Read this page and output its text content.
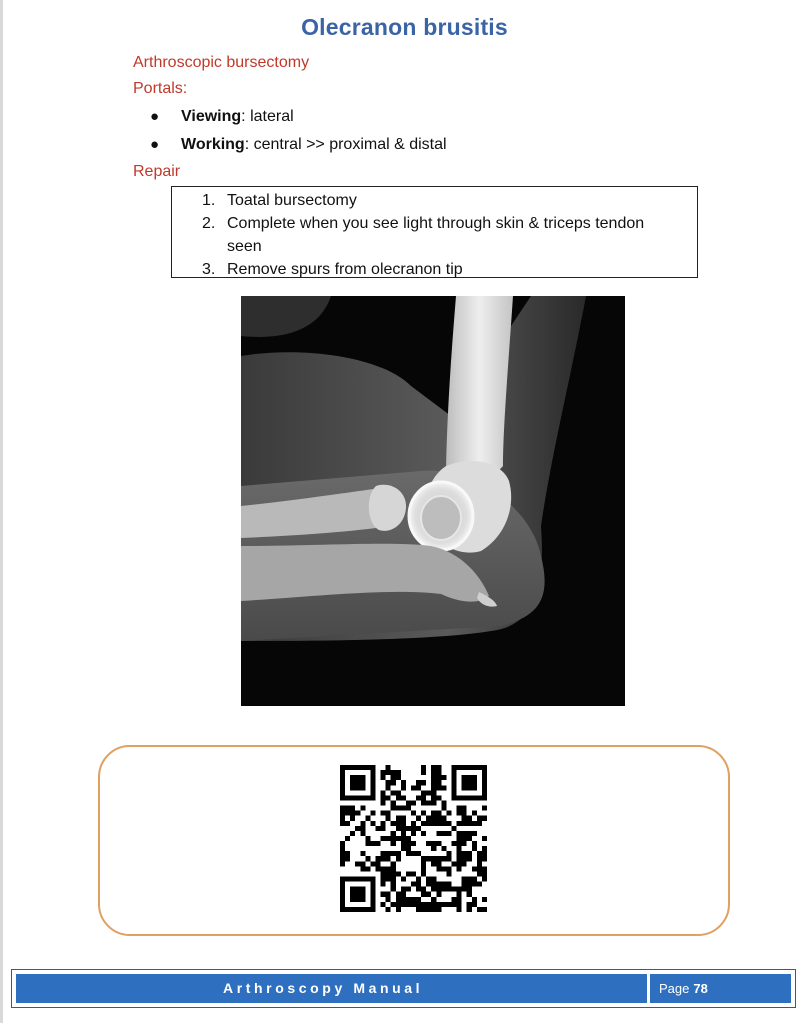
Olecranon brusitis
Arthroscopic bursectomy
Portals:
●	Viewing : lateral
●	Working : central >> proximal & distal
Repair
1. Toatal bursectomy
2. Complete when you see light through skin & triceps tendon seen
3. Remove spurs from olecranon tip
Arthroscopy Manual	Page 78
